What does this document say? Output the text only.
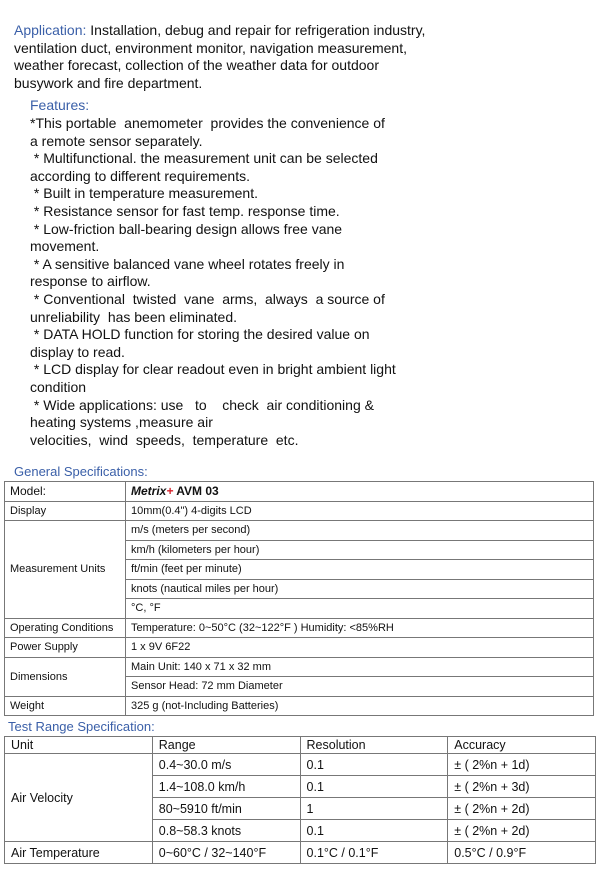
Application: Installation, debug and repair for refrigeration industry, ventilation duct, environment monitor, navigation measurement, weather forecast, collection of the weather data for outdoor busywork and fire department.
Features:
*This portable  anemometer  provides the convenience of
a remote sensor separately.
* Multifunctional. the measurement unit can be selected
according to different requirements.
* Built in temperature measurement.
* Resistance sensor for fast temp. response time.
* Low-friction ball-bearing design allows free vane
movement.
* A sensitive balanced vane wheel rotates freely in
response to airflow.
* Conventional  twisted  vane  arms,  always  a source of
unreliability  has been eliminated.
* DATA HOLD function for storing the desired value on
display to read.
* LCD display for clear readout even in bright ambient light
condition
* Wide applications: use   to    check  air conditioning &
heating systems ,measure air
velocities,  wind  speeds,  temperature  etc.
General Specifications:
Model:	Metrix+ AVM 03
Display	10mm(0.4") 4-digits LCD
Measurement Units	m/s (meters per second)
	km/h (kilometers per hour)
	ft/min (feet per minute)
	knots (nautical miles per hour)
	°C, °F
Operating Conditions	Temperature: 0~50°C (32~122°F ) Humidity: <85%RH
Power Supply	1 x 9V 6F22
Dimensions	Main Unit: 140 x 71 x 32 mm
	Sensor Head: 72 mm Diameter
Weight	325 g (not-Including Batteries)
Test Range Specification:
Unit	Range	Resolution	Accuracy
Air Velocity	0.4~30.0 m/s	0.1	± ( 2%n + 1d)
	1.4~108.0 km/h	0.1	± ( 2%n + 3d)
	80~5910 ft/min	1	± ( 2%n + 2d)
	0.8~58.3 knots	0.1	± ( 2%n + 2d)
Air Temperature	0~60°C / 32~140°F	0.1°C / 0.1°F	0.5°C / 0.9°F
